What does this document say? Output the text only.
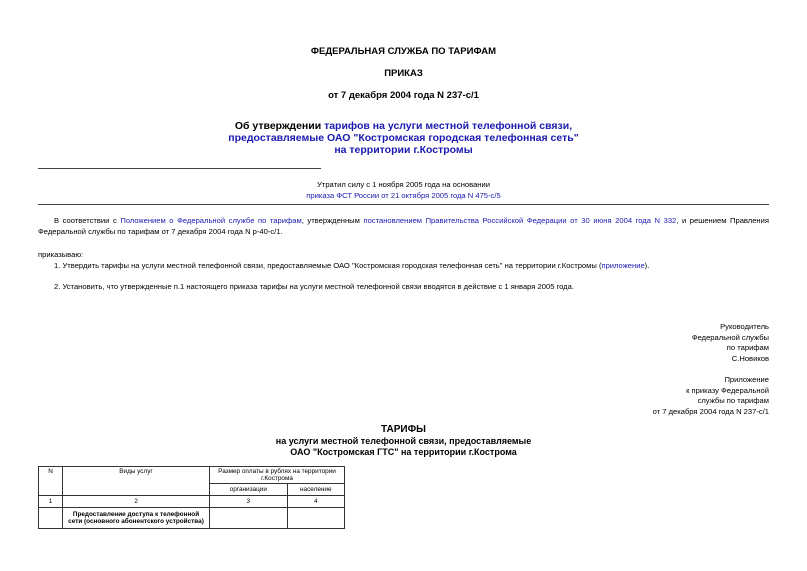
ФЕДЕРАЛЬНАЯ СЛУЖБА ПО ТАРИФАМ
ПРИКАЗ
от 7 декабря 2004 года N 237-с/1
Об утверждении тарифов на услуги местной телефонной связи,
предоставляемые ОАО "Костромская городская телефонная сеть"
на территории г.Костромы
Утратил силу с 1 ноября 2005 года на основании
приказа ФСТ России от 21 октября 2005 года N 475-с/5
В соответствии с Положением о Федеральной службе по тарифам, утвержденным постановлением Правительства Российской Федерации от 30 июня 2004 года N 332, и решением Правления Федеральной службы по тарифам от 7 декабря 2004 года N р-40-с/1.
приказываю:
1. Утвердить тарифы на услуги местной телефонной связи, предоставляемые ОАО "Костромская городская телефонная сеть" на территории г.Костромы (приложение).
2. Установить, что утвержденные п.1 настоящего приказа тарифы на услуги местной телефонной связи вводятся в действие с 1 января 2005 года.
Руководитель
Федеральной службы
по тарифам
С.Новиков
Приложение
к приказу Федеральной
службы по тарифам
от 7 декабря 2004 года N 237-с/1
ТАРИФЫ
на услуги местной телефонной связи, предоставляемые
ОАО "Костромская ГТС" на территории г.Кострома
N	Виды услуг	Размер оплаты в рублях на территории г.Кострома	
		организации	население
1	2	3	4
	Предоставление доступа к телефонной сети (основного абонентского устройства)		
